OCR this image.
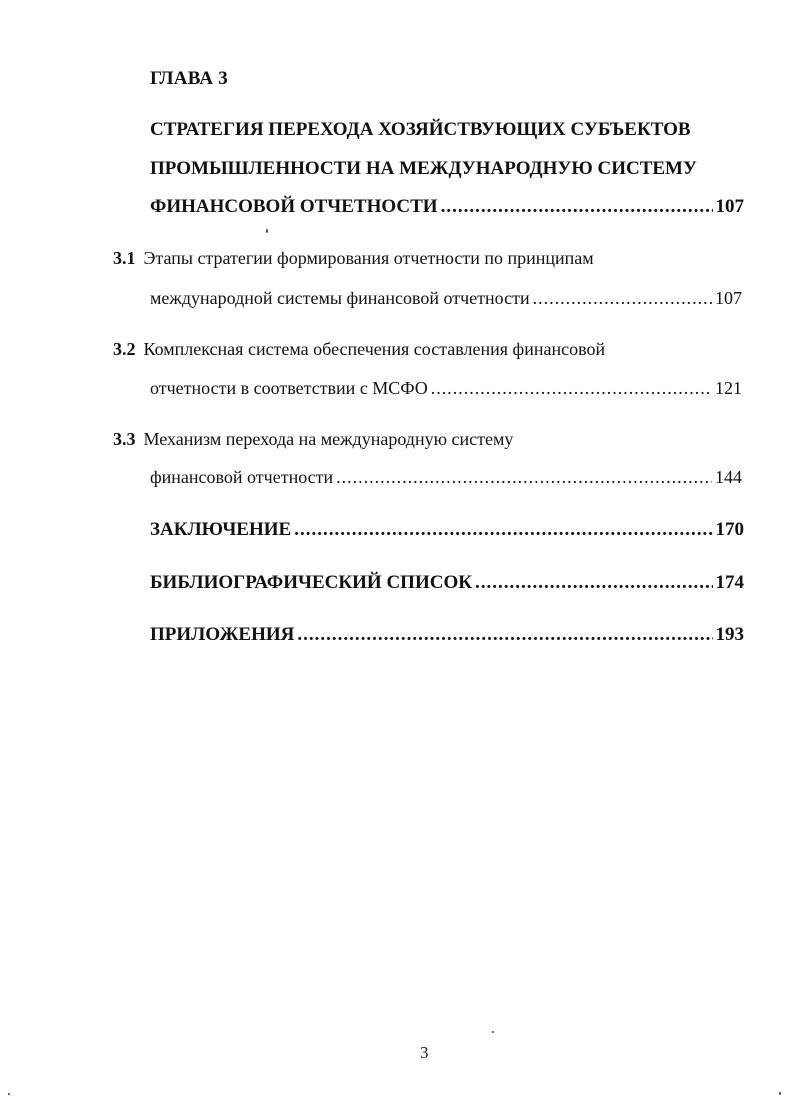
ГЛАВА 3
СТРАТЕГИЯ ПЕРЕХОДА ХОЗЯЙСТВУЮЩИХ СУБЪЕКТОВ
ПРОМЫШЛЕННОСТИ НА МЕЖДУНАРОДНУЮ СИСТЕМУ
ФИНАНСОВОЙ ОТЧЕТНОСТИ .....	107
3.1 Этапы стратегии формирования отчетности по принципам
международной системы финансовой отчетности .....	107
3.2 Комплексная система обеспечения составления финансовой
отчетности в соответствии с МСФО .....	121
3.3 Механизм перехода на международную систему
финансовой отчетности .....	144
ЗАКЛЮЧЕНИЕ .....	170
БИБЛИОГРАФИЧЕСКИЙ СПИСОК .....	174
ПРИЛОЖЕНИЯ .....	193
3
